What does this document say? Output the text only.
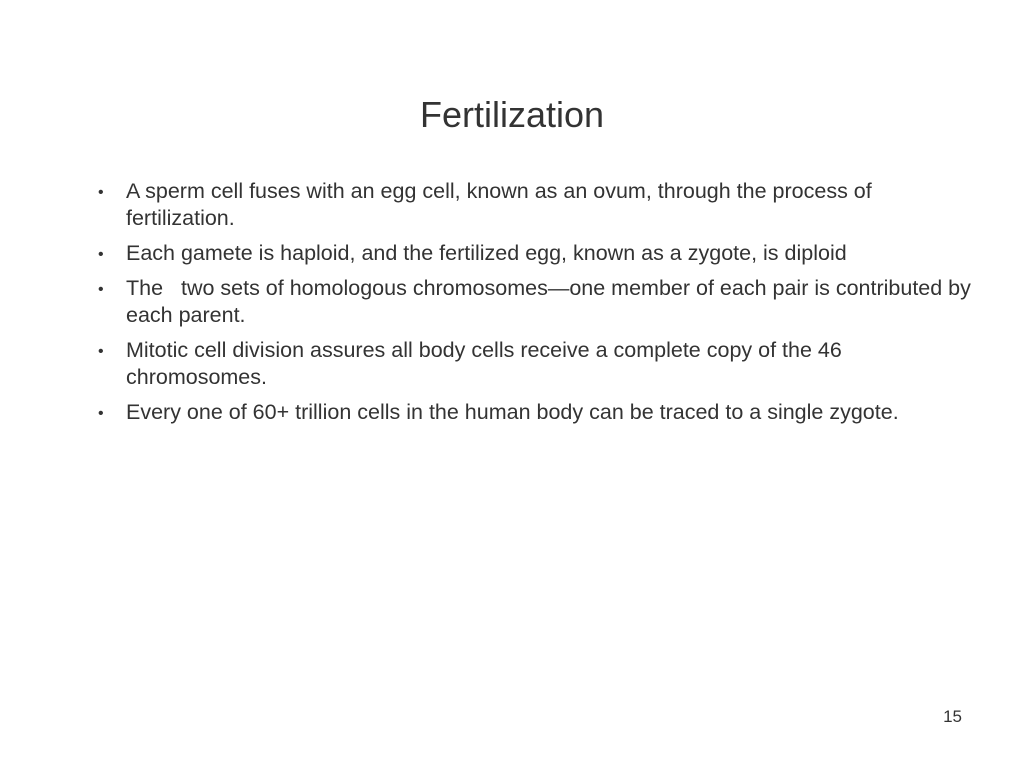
Fertilization
• A sperm cell fuses with an egg cell, known as an ovum, through the process of fertilization.
• Each gamete is haploid, and the fertilized egg, known as a zygote, is diploid
• The   two sets of homologous chromosomes—one member of each pair is contributed by each parent.
• Mitotic cell division assures all body cells receive a complete copy of the 46 chromosomes.
• Every one of 60+ trillion cells in the human body can be traced to a single zygote.
15
